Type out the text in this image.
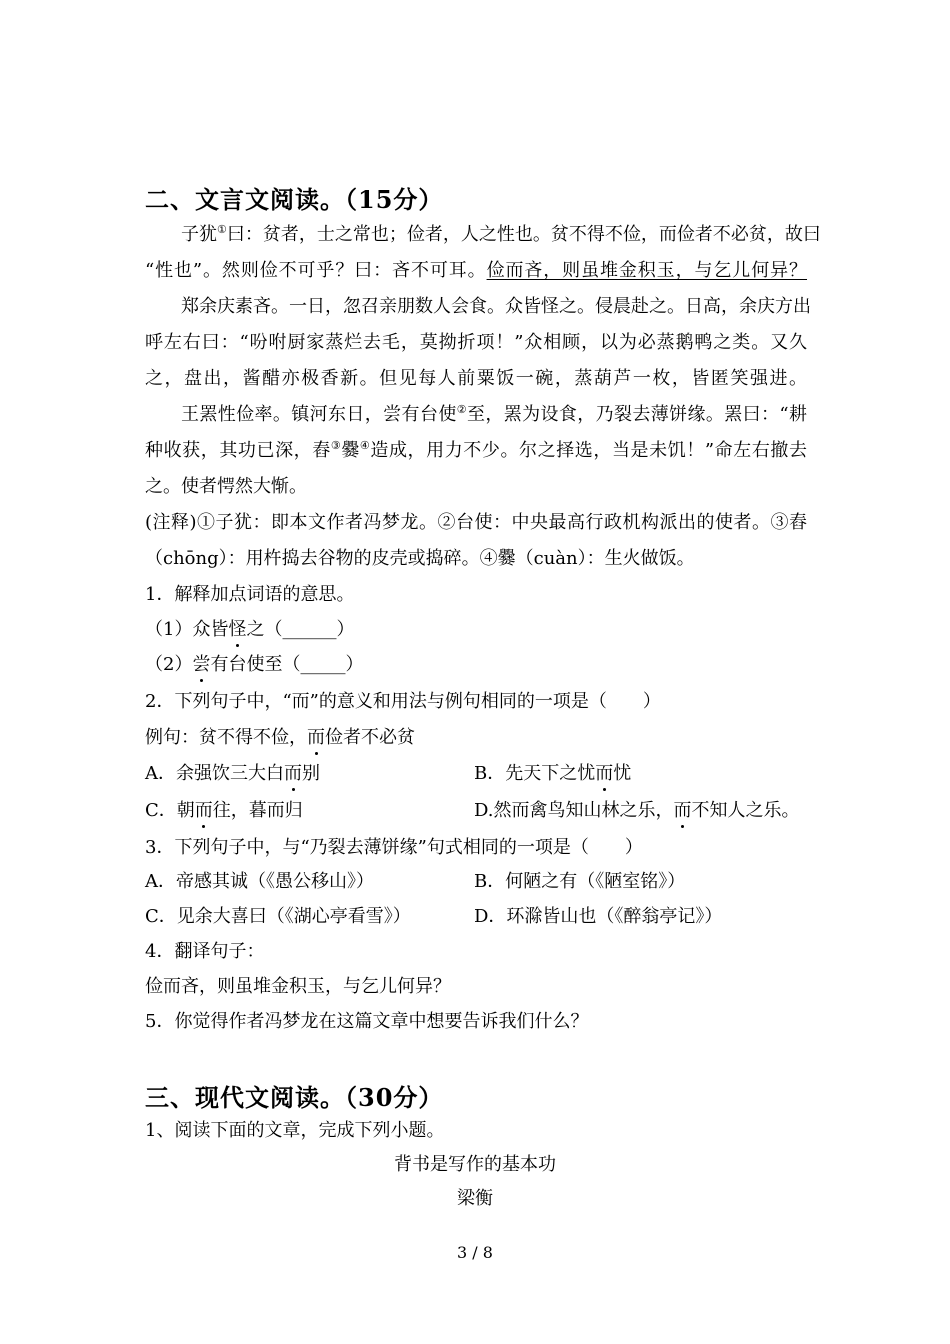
二、文言文阅读。（15分）
子犹①曰：贫者，士之常也；俭者，人之性也。贫不得不俭，而俭者不必贫，故曰
“性也”。然则俭不可乎？曰：吝不可耳。俭而吝，则虽堆金积玉，与乞儿何异？
郑余庆素吝。一日，忽召亲朋数人会食。众皆怪之。侵晨赴之。日高，余庆方出
呼左右曰：“吩咐厨家蒸烂去毛，莫拗折项！”众相顾，以为必蒸鹅鸭之类。又久
之，盘出，酱醋亦极香新。但见每人前粟饭一碗，蒸葫芦一枚，皆匿笑强进。
王罴性俭率。镇河东日，尝有台使②至，罴为设食，乃裂去薄饼缘。罴曰：“耕
种收获，其功已深，舂③爨④造成，用力不少。尔之择选，当是未饥！”命左右撤去
之。使者愕然大惭。
(注释)①子犹：即本文作者冯梦龙。②台使：中央最高行政机构派出的使者。③舂
（chōng）：用杵捣去谷物的皮壳或捣碎。④爨（cuàn）：生火做饭。
1．解释加点词语的意思。
（1）众皆怪之（______）
（2）尝有台使至（_____）
2．下列句子中，“而”的意义和用法与例句相同的一项是（　　）
例句：贫不得不俭，而俭者不必贫
A．余强饮三大白而别	B．先天下之忧而忧
C．朝而往，暮而归	D.然而禽鸟知山林之乐，而不知人之乐。
3．下列句子中，与“乃裂去薄饼缘”句式相同的一项是（　　）
A．帝感其诚（《愚公移山》）	B．何陋之有（《陋室铭》）
C．见余大喜曰（《湖心亭看雪》）	D．环滁皆山也（《醉翁亭记》）
4．翻译句子：
俭而吝，则虽堆金积玉，与乞儿何异？
5．你觉得作者冯梦龙在这篇文章中想要告诉我们什么？
三、现代文阅读。（30分）
1、阅读下面的文章，完成下列小题。
背书是写作的基本功
梁衡
3 / 8
